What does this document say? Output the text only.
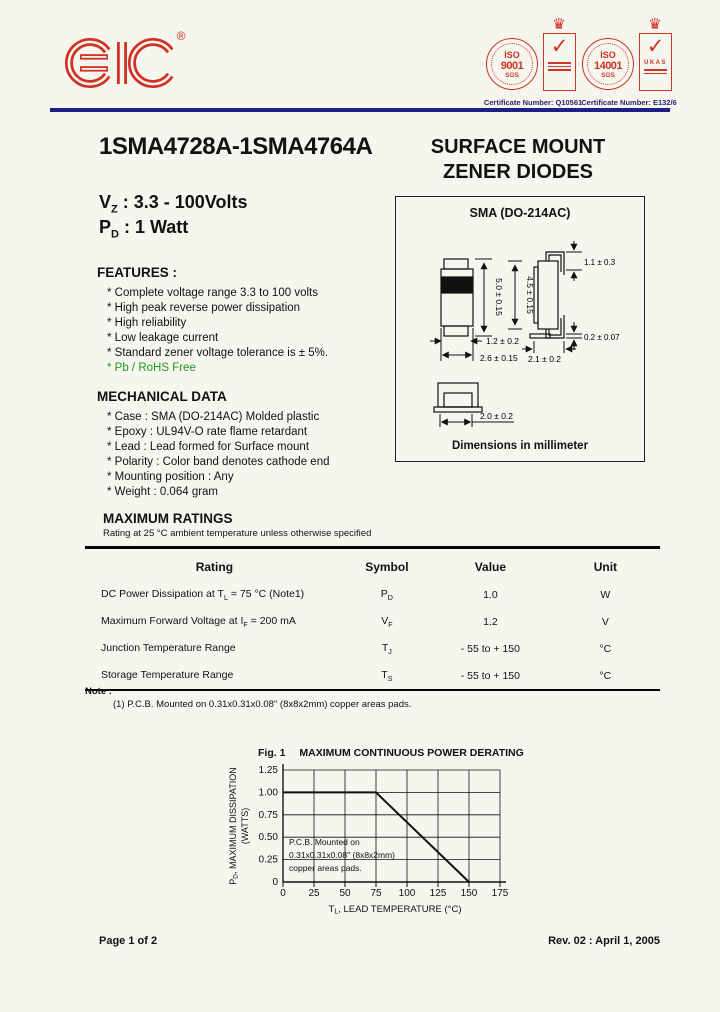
®
♛
ISO
9001
SGS
✓
Certificate Number: Q10561
♛
ISO
14001
SGS
✓
UKAS
Certificate Number: E132/6
1SMA4728A-1SMA4764A	SURFACE MOUNT
ZENER DIODES
$V_Z$ : 3.3 - 100Volts
$P_D$ : 1 Watt
FEATURES :
* Complete voltage range 3.3 to 100 volts
* High peak reverse power dissipation
* High reliability
* Low leakage current
* Standard zener voltage tolerance is ± 5%.
* Pb / RoHS Free
MECHANICAL DATA
* Case : SMA (DO-214AC) Molded plastic
* Epoxy : UL94V-O rate flame retardant
* Lead : Lead formed for Surface mount
* Polarity : Color band denotes cathode end
* Mounting position : Any
* Weight : 0.064 gram
SMA (DO-214AC)
5.0 ± 0.15
1.2 ± 0.2
2.6 ± 0.15
4.5 ± 0.15
1.1 ± 0.3
0.2 ± 0.07
2.1 ± 0.2
2.0 ± 0.2
Dimensions in millimeter
MAXIMUM RATINGS
Rating at 25 °C ambient temperature unless otherwise specified
Rating	Symbol	Value	Unit
DC Power Dissipation at $T_L = 75$ °C (Note1)	$P_D$	1.0	W
Maximum Forward Voltage at $I_F = 200$ mA	$V_F$	1.2	V
Junction Temperature Range	$T_J$	- 55 to + 150	°C
Storage Temperature Range	$T_S$	- 55 to + 150	°C
Note :
(1) P.C.B. Mounted on 0.31x0.31x0.08" (8x8x2mm) copper areas pads.
Fig. 1 MAXIMUM CONTINUOUS POWER DERATING
1.25
1.00
0.75
0.50
0.25
0
0 25 50 75 100 125 150 175
P.C.B. Mounted on
0.31x0.31x0.08" (8x8x2mm)
copper areas pads.
PD, MAXIMUM DISSIPATION (WATTS)
TL, LEAD TEMPERATURE (°C)
Page 1 of 2	Rev. 02 : April 1, 2005
